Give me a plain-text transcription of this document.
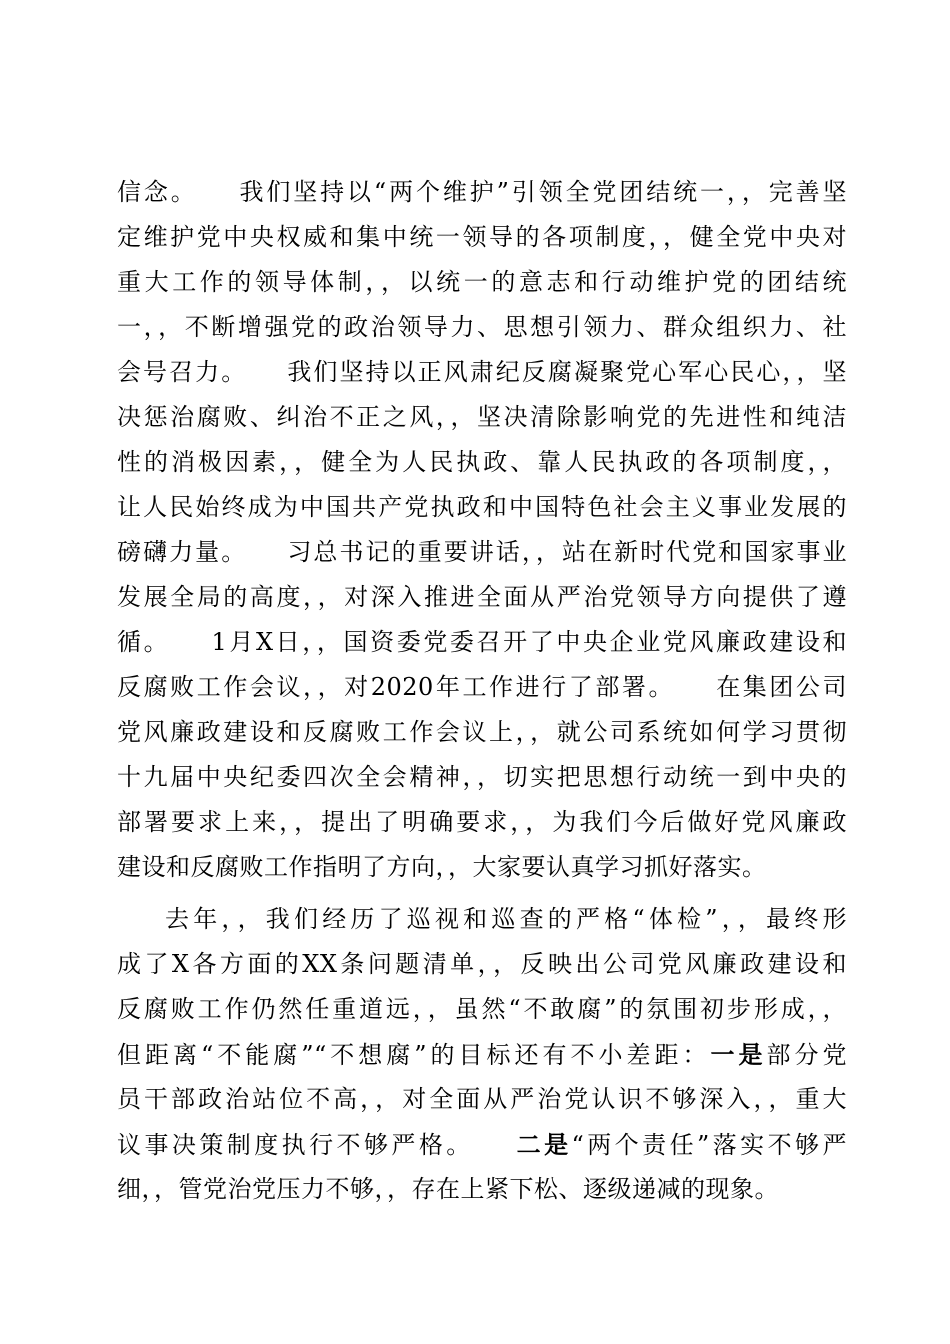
信念。　　我们坚持以“两个维护”引领全党团结统一，，完善坚
定维护党中央权威和集中统一领导的各项制度，，健全党中央对
重大工作的领导体制，，以统一的意志和行动维护党的团结统
一，，不断增强党的政治领导力、思想引领力、群众组织力、社
会号召力。　　我们坚持以正风肃纪反腐凝聚党心军心民心，，坚
决惩治腐败、纠治不正之风，，坚决清除影响党的先进性和纯洁
性的消极因素，，健全为人民执政、靠人民执政的各项制度，，
让人民始终成为中国共产党执政和中国特色社会主义事业发展的
磅礴力量。　　习总书记的重要讲话，，站在新时代党和国家事业
发展全局的高度，，对深入推进全面从严治党领导方向提供了遵
循。　　1月X日，，国资委党委召开了中央企业党风廉政建设和
反腐败工作会议，，对2020年工作进行了部署。　　在集团公司
党风廉政建设和反腐败工作会议上，，就公司系统如何学习贯彻
十九届中央纪委四次全会精神，，切实把思想行动统一到中央的
部署要求上来，，提出了明确要求，，为我们今后做好党风廉政
建设和反腐败工作指明了方向，，大家要认真学习抓好落实。
去年，，我们经历了巡视和巡查的严格“体检”，，最终形
成了X各方面的XX条问题清单，，反映出公司党风廉政建设和
反腐败工作仍然任重道远，，虽然“不敢腐”的氛围初步形成，，
但距离“不能腐”“不想腐”的目标还有不小差距：一是部分党
员干部政治站位不高，，对全面从严治党认识不够深入，，重大
议事决策制度执行不够严格。　　二是“两个责任”落实不够严
细，，管党治党压力不够，，存在上紧下松、逐级递减的现象。
